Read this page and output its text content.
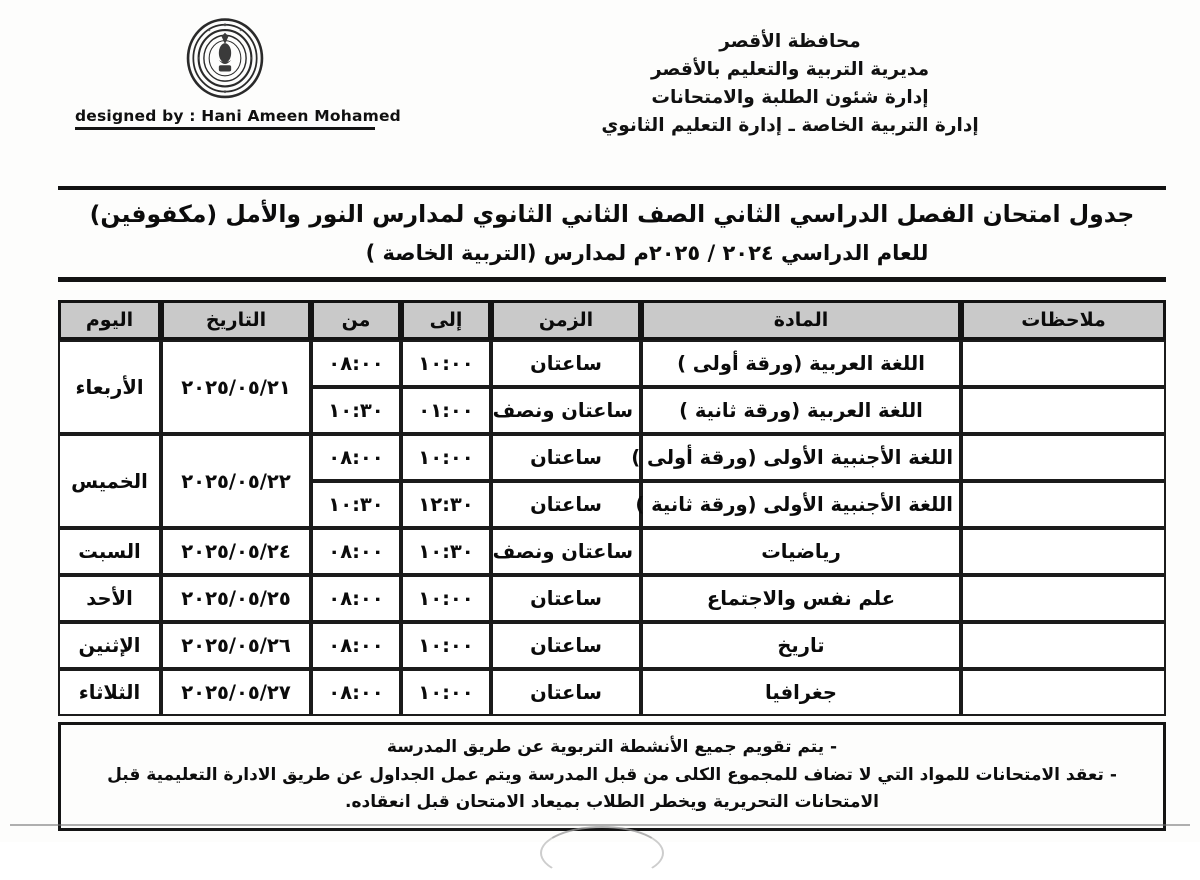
designed by : Hani Ameen Mohamed
محافظة الأقصر
مديرية التربية والتعليم بالأقصر
إدارة شئون الطلبة والامتحانات
إدارة التربية الخاصة ـ إدارة التعليم الثانوي
جدول امتحان الفصل الدراسي الثاني الصف الثاني الثانوي لمدارس النور والأمل (مكفوفين)
للعام الدراسي ٢٠٢٤ / ٢٠٢٥م لمدارس (التربية الخاصة )
ملاحظات	المادة	الزمن	إلى	من	التاريخ	اليوم
	اللغة العربية (ورقة أولى )	ساعتان	١٠:٠٠	٠٨:٠٠	٢٠٢٥/٠٥/٢١	الأربعاء
	اللغة العربية (ورقة ثانية )	ساعتان ونصف	٠١:٠٠	١٠:٣٠		
	اللغة الأجنبية الأولى (ورقة أولى )	ساعتان	١٠:٠٠	٠٨:٠٠	٢٠٢٥/٠٥/٢٢	الخميس
	اللغة الأجنبية الأولى (ورقة ثانية )	ساعتان	١٢:٣٠	١٠:٣٠		
	رياضيات	ساعتان ونصف	١٠:٣٠	٠٨:٠٠	٢٠٢٥/٠٥/٢٤	السبت
	علم نفس والاجتماع	ساعتان	١٠:٠٠	٠٨:٠٠	٢٠٢٥/٠٥/٢٥	الأحد
	تاريخ	ساعتان	١٠:٠٠	٠٨:٠٠	٢٠٢٥/٠٥/٢٦	الإثنين
	جغرافيا	ساعتان	١٠:٠٠	٠٨:٠٠	٢٠٢٥/٠٥/٢٧	الثلاثاء
- يتم تقويم جميع الأنشطة التربوية عن طريق المدرسة
- تعقد الامتحانات للمواد التي لا تضاف للمجموع الكلى من قبل المدرسة ويتم عمل الجداول عن طريق الادارة التعليمية قبل الامتحانات التحريرية ويخطر الطلاب بميعاد الامتحان قبل انعقاده.
